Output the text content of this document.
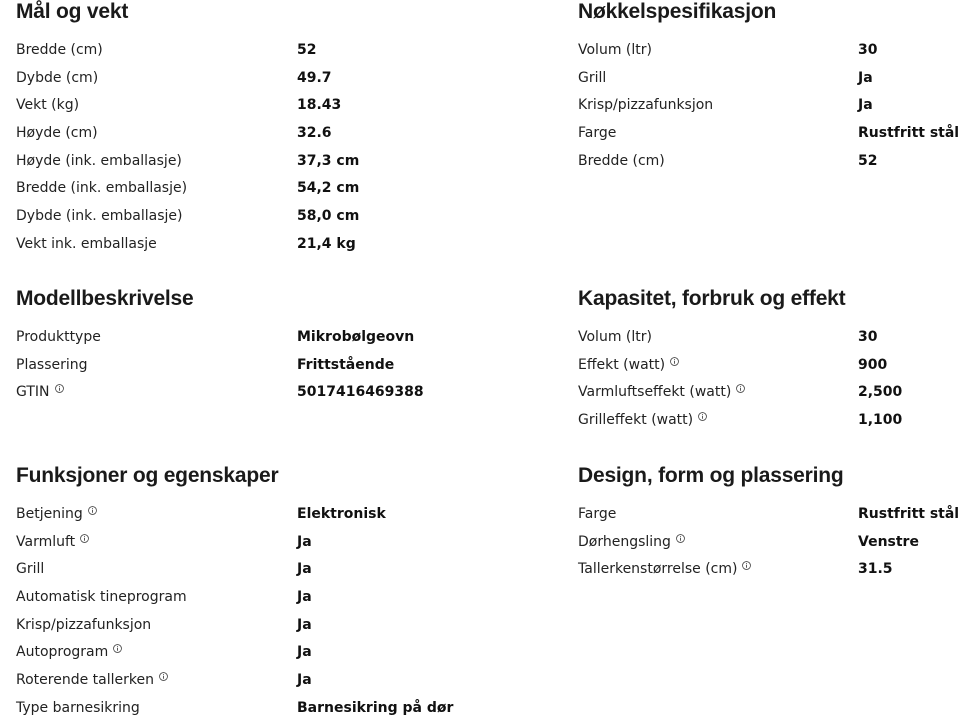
Mål og vekt
Bredde (cm)	52
Dybde (cm)	49.7
Vekt (kg)	18.43
Høyde (cm)	32.6
Høyde (ink. emballasje)	37,3 cm
Bredde (ink. emballasje)	54,2 cm
Dybde (ink. emballasje)	58,0 cm
Vekt ink. emballasje	21,4 kg
Modellbeskrivelse
Produkttype	Mikrobølgeovn
Plassering	Frittstående
GTIN	5017416469388
Funksjoner og egenskaper
Betjening	Elektronisk
Varmluft	Ja
Grill	Ja
Automatisk tineprogram	Ja
Krisp/pizzafunksjon	Ja
Autoprogram	Ja
Roterende tallerken	Ja
Type barnesikring	Barnesikring på dør
Nøkkelspesifikasjon
Volum (ltr)	30
Grill	Ja
Krisp/pizzafunksjon	Ja
Farge	Rustfritt stål
Bredde (cm)	52
Kapasitet, forbruk og effekt
Volum (ltr)	30
Effekt (watt)	900
Varmluftseffekt (watt)	2,500
Grilleffekt (watt)	1,100
Design, form og plassering
Farge	Rustfritt stål
Dørhengsling	Venstre
Tallerkenstørrelse (cm)	31.5
